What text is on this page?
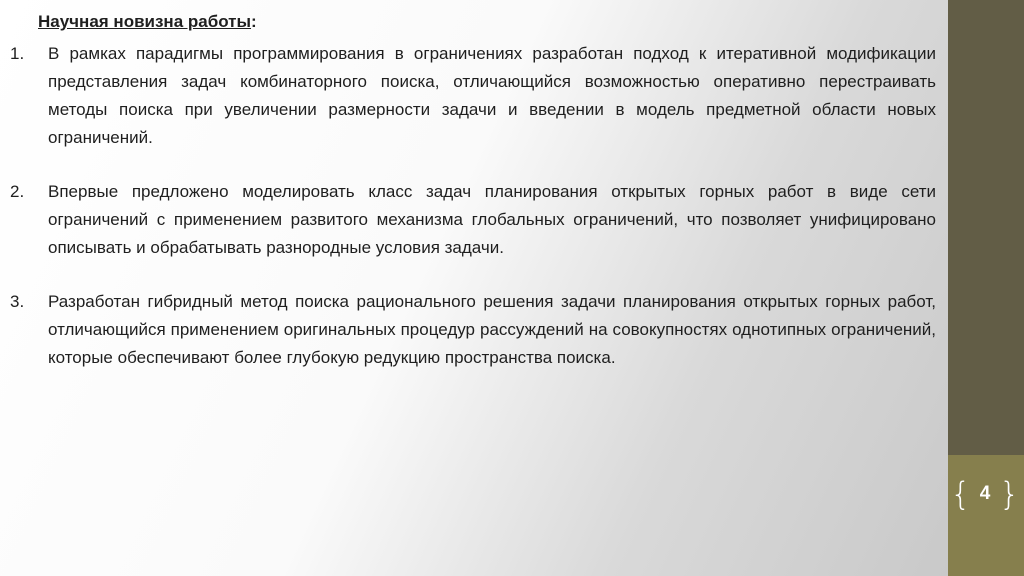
Научная новизна работы:
1.	В рамках парадигмы программирования в ограничениях разработан подход к итеративной модификации представления задач комбинаторного поиска, отличающийся возможностью оперативно перестраивать методы поиска при увеличении размерности задачи и введении в модель предметной области новых ограничений.
2.	Впервые предложено моделировать класс задач планирования открытых горных работ в виде сети ограничений с применением развитого механизма глобальных ограничений, что позволяет унифицировано описывать и обрабатывать разнородные условия задачи.
3.	Разработан гибридный метод поиска рационального решения задачи планирования открытых горных работ, отличающийся применением оригинальных процедур рассуждений на совокупностях однотипных ограничений, которые обеспечивают более глубокую редукцию пространства поиска.
{ 4 }
